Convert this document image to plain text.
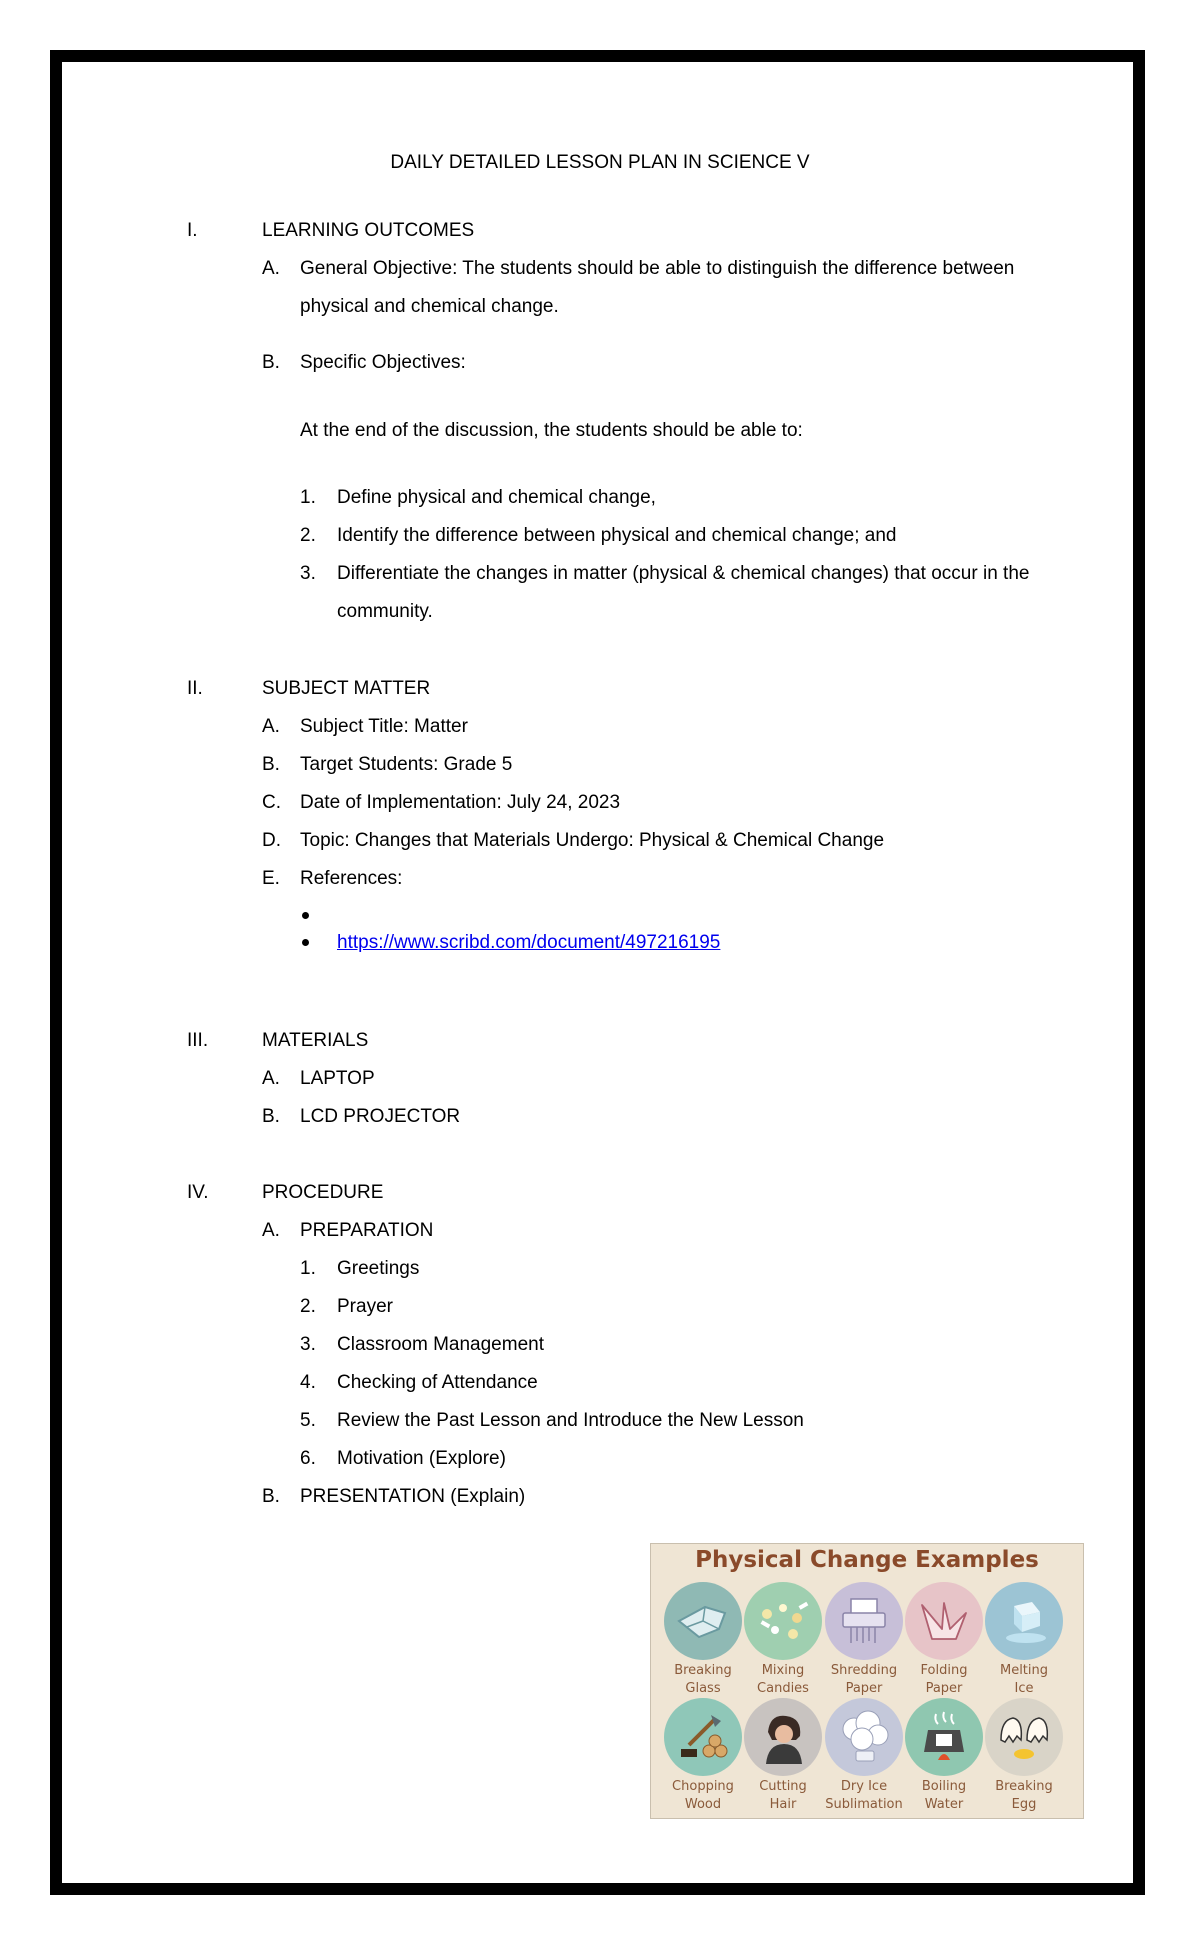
DAILY DETAILED LESSON PLAN IN SCIENCE V
I.	LEARNING OUTCOMES
A. General Objective: The students should be able to distinguish the difference between
physical and chemical change.
B. Specific Objectives:
At the end of the discussion, the students should be able to:
1. Define physical and chemical change,
2. Identify the difference between physical and chemical change; and
3. Differentiate the changes in matter (physical & chemical changes) that occur in the
community.
II.	SUBJECT MATTER
A. Subject Title: Matter
B. Target Students: Grade 5
C. Date of Implementation: July 24, 2023
D. Topic: Changes that Materials Undergo: Physical & Chemical Change
E. References:
https://www.scribd.com/document/497216195
III.	MATERIALS
A. LAPTOP
B. LCD PROJECTOR
IV.	PROCEDURE
A. PREPARATION
1. Greetings
2. Prayer
3. Classroom Management
4. Checking of Attendance
5. Review the Past Lesson and Introduce the New Lesson
6. Motivation (Explore)
B. PRESENTATION (Explain)
Physical Change Examples
Breaking
Glass
Mixing
Candies
Shredding
Paper
Folding
Paper
Melting
Ice
Chopping
Wood
Cutting
Hair
Dry Ice
Sublimation
Boiling
Water
Breaking
Egg
